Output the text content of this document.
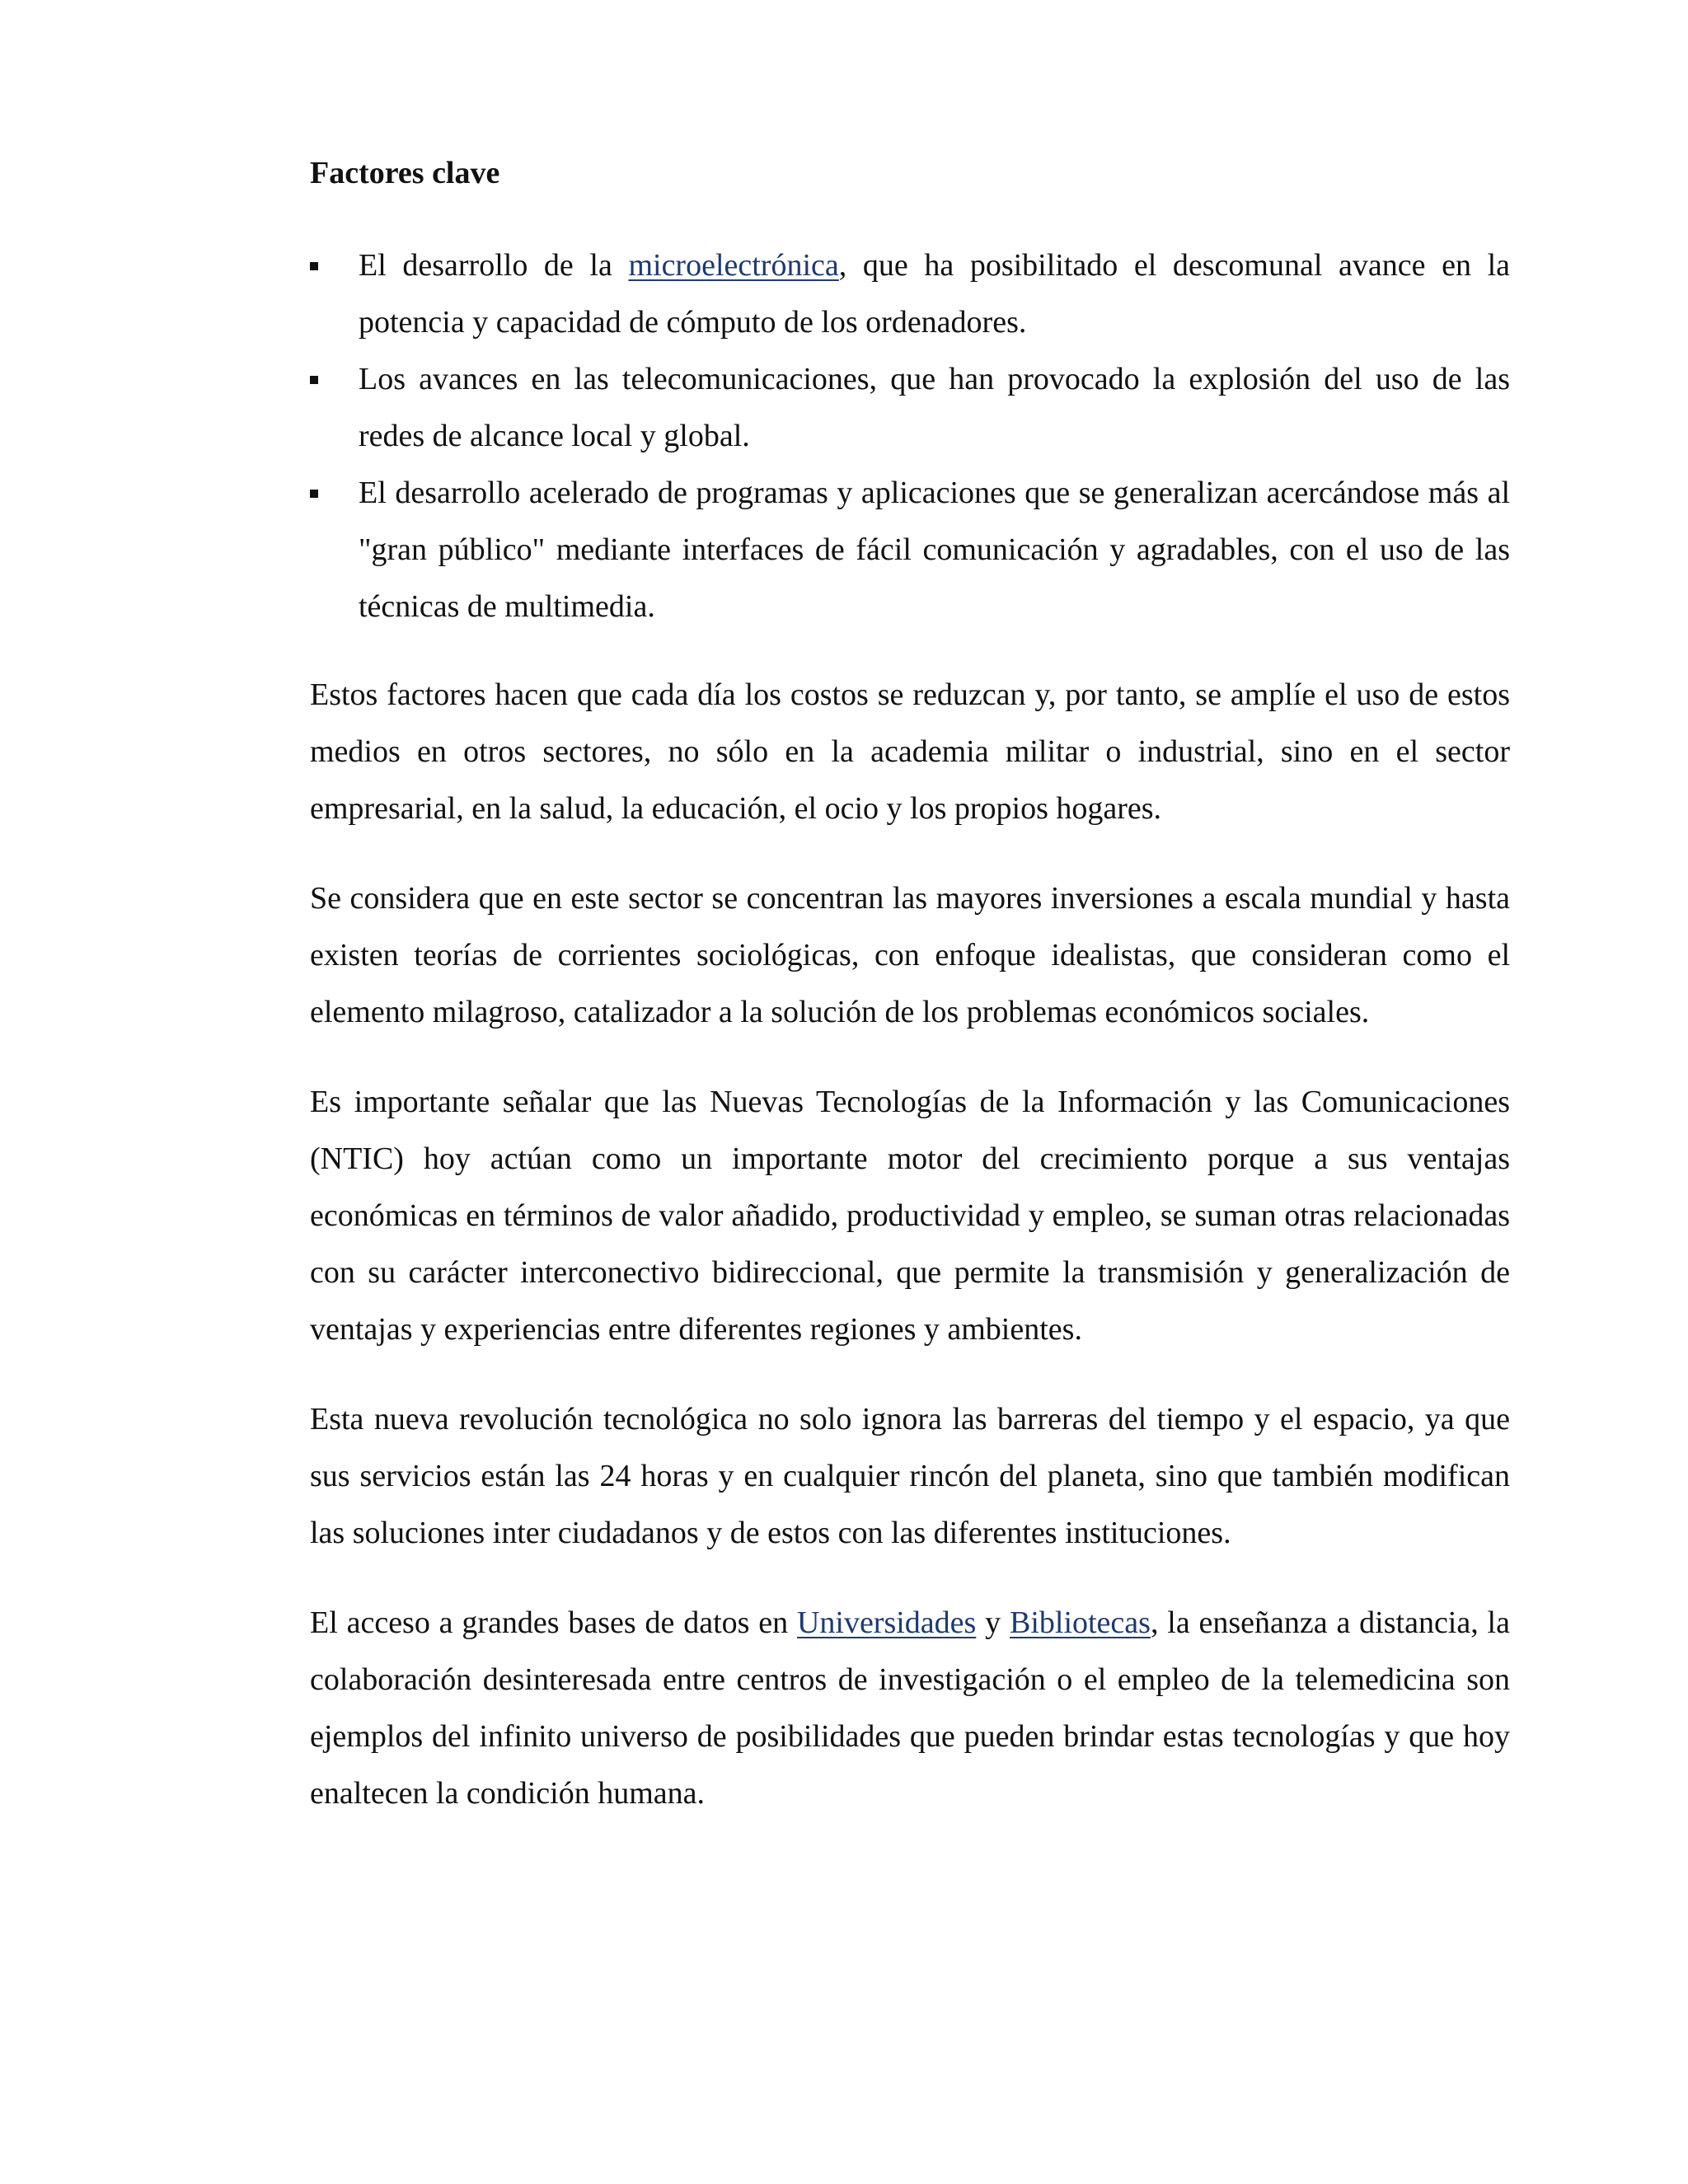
Factores clave
El desarrollo de la microelectrónica, que ha posibilitado el descomunal avance en la potencia y capacidad de cómputo de los ordenadores.
Los avances en las telecomunicaciones, que han provocado la explosión del uso de las redes de alcance local y global.
El desarrollo acelerado de programas y aplicaciones que se generalizan acercándose más al "gran público" mediante interfaces de fácil comunicación y agradables, con el uso de las técnicas de multimedia.

Estos factores hacen que cada día los costos se reduzcan y, por tanto, se amplíe el uso de estos medios en otros sectores, no sólo en la academia militar o industrial, sino en el sector empresarial, en la salud, la educación, el ocio y los propios hogares.

Se considera que en este sector se concentran las mayores inversiones a escala mundial y hasta existen teorías de corrientes sociológicas, con enfoque idealistas, que consideran como el elemento milagroso, catalizador a la solución de los problemas económicos sociales.

Es importante señalar que las Nuevas Tecnologías de la Información y las Comunicaciones (NTIC) hoy actúan como un importante motor del crecimiento porque a sus ventajas económicas en términos de valor añadido, productividad y empleo, se suman otras relacionadas con su carácter interconectivo bidireccional, que permite la transmisión y generalización de ventajas y experiencias entre diferentes regiones y ambientes.

Esta nueva revolución tecnológica no solo ignora las barreras del tiempo y el espacio, ya que sus servicios están las 24 horas y en cualquier rincón del planeta, sino que también modifican las soluciones inter ciudadanos y de estos con las diferentes instituciones.

El acceso a grandes bases de datos en Universidades y Bibliotecas, la enseñanza a distancia, la colaboración desinteresada entre centros de investigación o el empleo de la telemedicina son ejemplos del infinito universo de posibilidades que pueden brindar estas tecnologías y que hoy enaltecen la condición humana.
